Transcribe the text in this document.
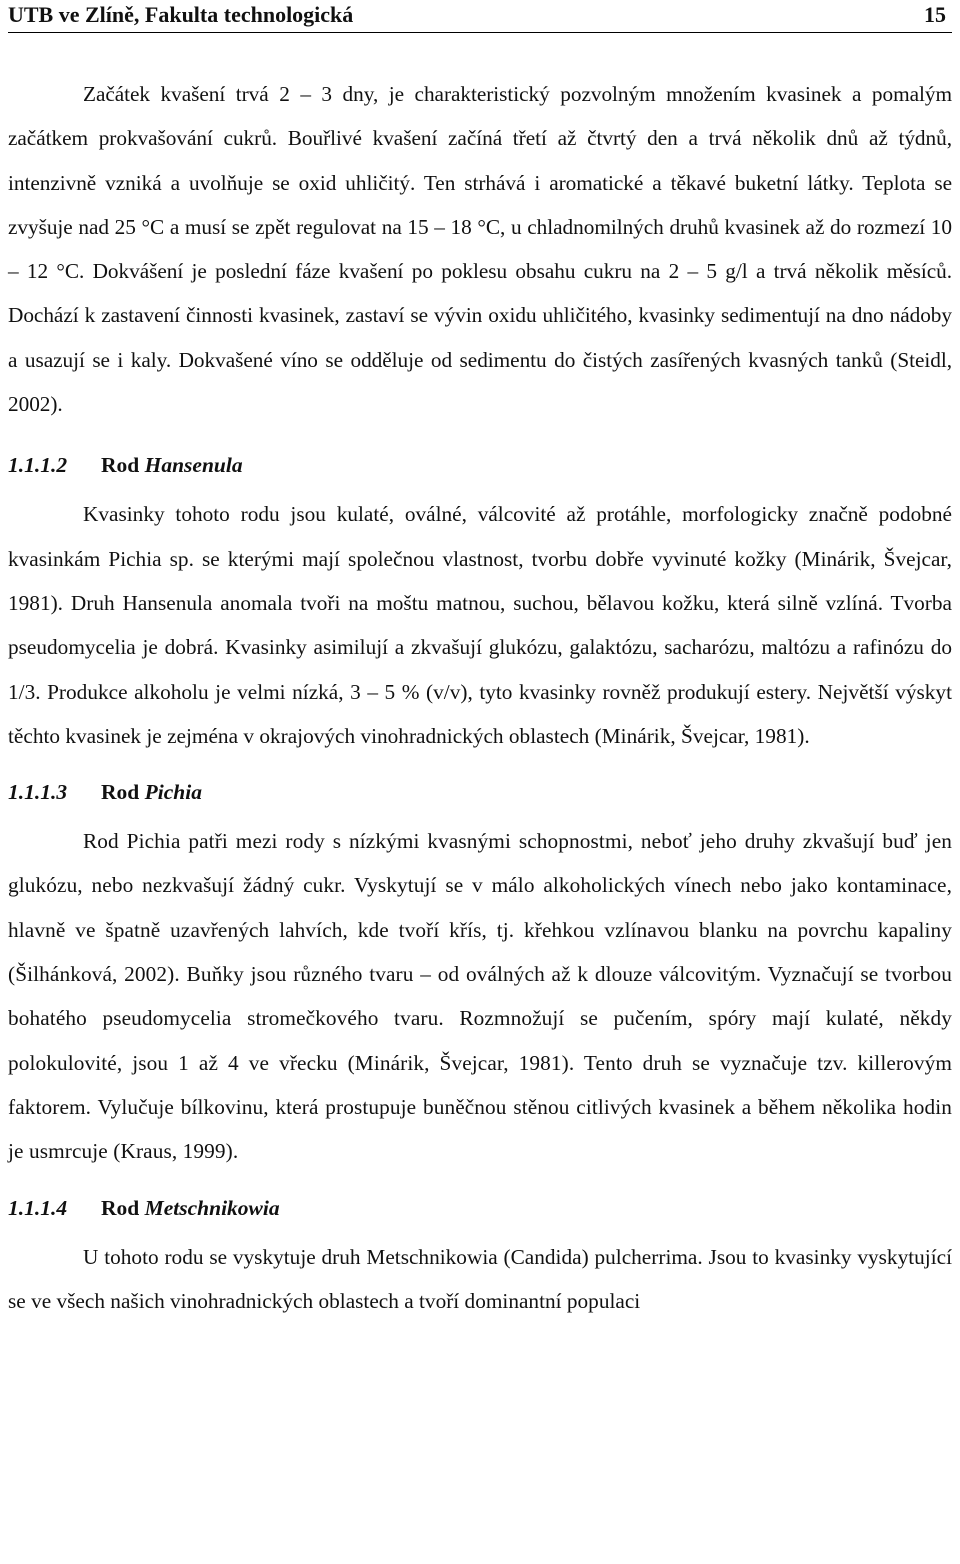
UTB ve Zlíně, Fakulta technologická	15

Začátek kvašení trvá 2 – 3 dny, je charakteristický pozvolným množením kvasinek a pomalým začátkem prokvašování cukrů. Bouřlivé kvašení začíná třetí až čtvrtý den a trvá několik dnů až týdnů, intenzivně vzniká a uvolňuje se oxid uhličitý. Ten strhává i aromatické a těkavé buketní látky. Teplota se zvyšuje nad 25 °C a musí se zpět regulovat na 15 – 18 °C, u chladnomilných druhů kvasinek až do rozmezí 10 – 12 °C. Dokvášení je poslední fáze kvašení po poklesu obsahu cukru na 2 – 5 g/l a trvá několik měsíců. Dochází k zastavení činnosti kvasinek, zastaví se vývin oxidu uhličitého, kvasinky sedimentují na dno nádoby a usazují se i kaly. Dokvašené víno se odděluje od sedimentu do čistých zasířených kvasných tanků (Steidl, 2002).

1.1.1.2 Rod Hansenula

Kvasinky tohoto rodu jsou kulaté, oválné, válcovité až protáhle, morfologicky značně podobné kvasinkám Pichia sp. se kterými mají společnou vlastnost, tvorbu dobře vyvinuté kožky (Minárik, Švejcar, 1981). Druh Hansenula anomala tvoři na moštu matnou, suchou, bělavou kožku, která silně vzlíná. Tvorba pseudomycelia je dobrá. Kvasinky asimilují a zkvašují glukózu, galaktózu, sacharózu, maltózu a rafinózu do 1/3. Produkce alkoholu je velmi nízká, 3 – 5 % (v/v), tyto kvasinky rovněž produkují estery. Největší výskyt těchto kvasinek je zejména v okrajových vinohradnických oblastech (Minárik, Švejcar, 1981).

1.1.1.3 Rod Pichia

Rod Pichia patři mezi rody s nízkými kvasnými schopnostmi, neboť jeho druhy zkvašují buď jen glukózu, nebo nezkvašují žádný cukr. Vyskytují se v málo alkoholických vínech nebo jako kontaminace, hlavně ve špatně uzavřených lahvích, kde tvoří křís, tj. křehkou vzlínavou blanku na povrchu kapaliny (Šilhánková, 2002). Buňky jsou různého tvaru – od oválných až k dlouze válcovitým. Vyznačují se tvorbou bohatého pseudomycelia stromečkového tvaru. Rozmnožují se pučením, spóry mají kulaté, někdy polokulovité, jsou 1 až 4 ve vřecku (Minárik, Švejcar, 1981). Tento druh se vyznačuje tzv. killerovým faktorem. Vylučuje bílkovinu, která prostupuje buněčnou stěnou citlivých kvasinek a během několika hodin je usmrcuje (Kraus, 1999).

1.1.1.4 Rod Metschnikowia

U tohoto rodu se vyskytuje druh Metschnikowia (Candida) pulcherrima. Jsou to kvasinky vyskytující se ve všech našich vinohradnických oblastech a tvoří dominantní populaci
